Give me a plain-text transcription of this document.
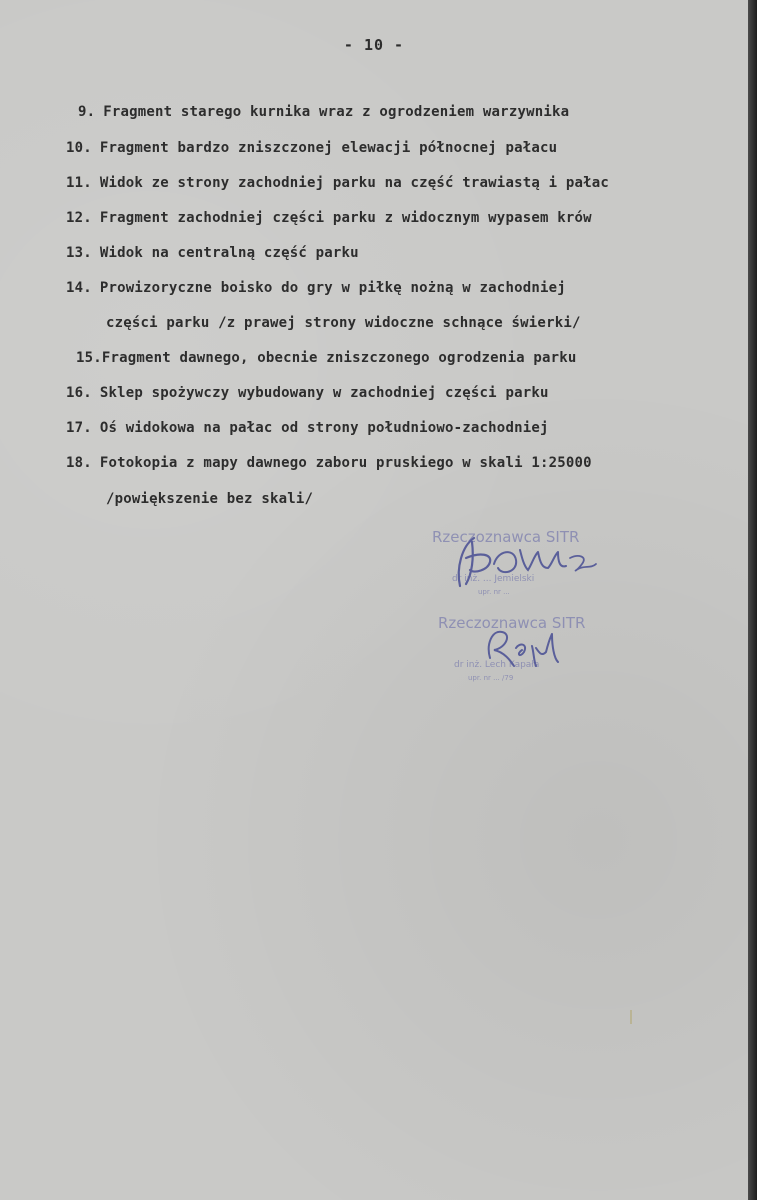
- 10 -
9. Fragment starego kurnika wraz z ogrodzeniem warzywnika
10. Fragment bardzo zniszczonej elewacji północnej pałacu
11. Widok ze strony zachodniej parku na część trawiastą i pałac
12. Fragment zachodniej części parku z widocznym wypasem krów
13. Widok na centralną część parku
14. Prowizoryczne boisko do gry w piłkę nożną w zachodniej
części parku /z prawej strony widoczne schnące świerki/
15.Fragment dawnego, obecnie zniszczonego ogrodzenia parku
16. Sklep spożywczy wybudowany w zachodniej części parku
17. Oś widokowa na pałac od strony południowo-zachodniej
18. Fotokopia z mapy dawnego zaboru pruskiego w skali 1:25000
/powiększenie bez skali/
Rzeczoznawca SITR
dr inż. ... Jemielski
upr. nr ...
Rzeczoznawca SITR
dr inż. Lech Kapała
upr. nr ... /79
